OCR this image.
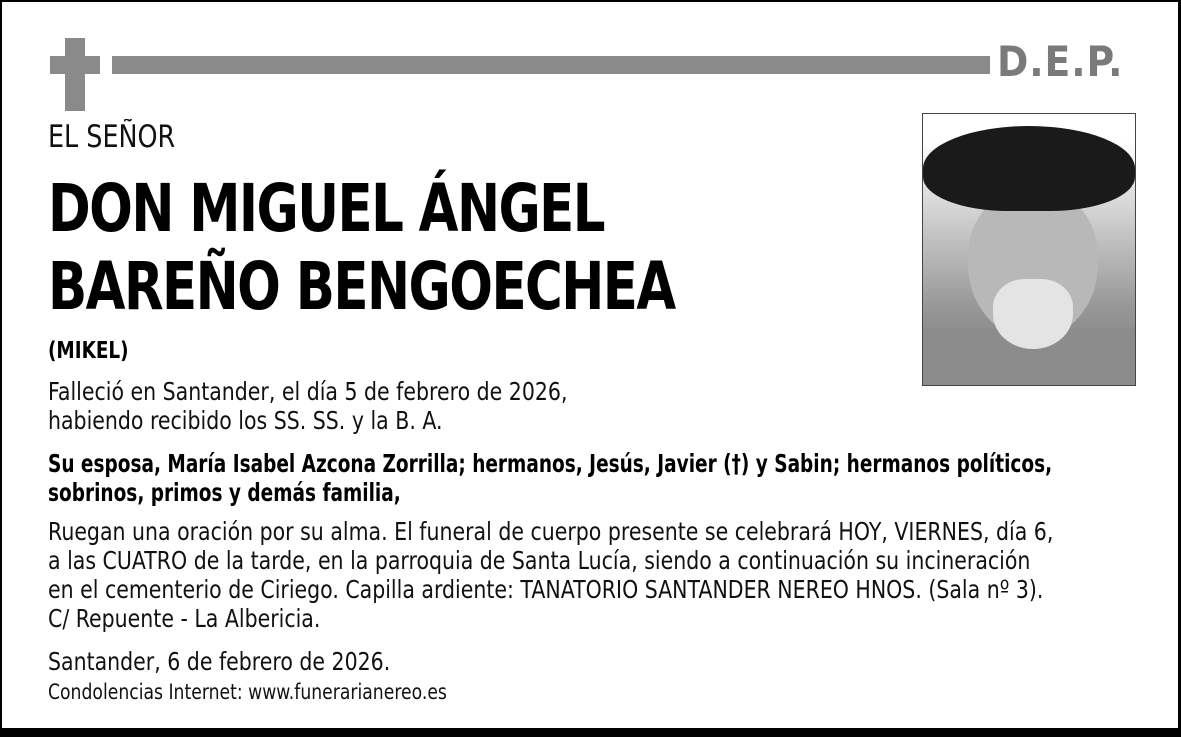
D.E.P.
EL SEÑOR
DON MIGUEL ÁNGEL
BAREÑO BENGOECHEA
(MIKEL)
Falleció en Santander, el día 5 de febrero de 2026,
habiendo recibido los SS. SS. y la B. A.
Su esposa, María Isabel Azcona Zorrilla; hermanos, Jesús, Javier (†) y Sabin; hermanos políticos,
sobrinos, primos y demás familia,
Ruegan una oración por su alma. El funeral de cuerpo presente se celebrará HOY, VIERNES, día 6,
a las CUATRO de la tarde, en la parroquia de Santa Lucía, siendo a continuación su incineración
en el cementerio de Ciriego. Capilla ardiente: TANATORIO SANTANDER NEREO HNOS. (Sala nº 3).
C/ Repuente - La Albericia.
Santander, 6 de febrero de 2026.
Condolencias Internet: www.funerarianereo.es
